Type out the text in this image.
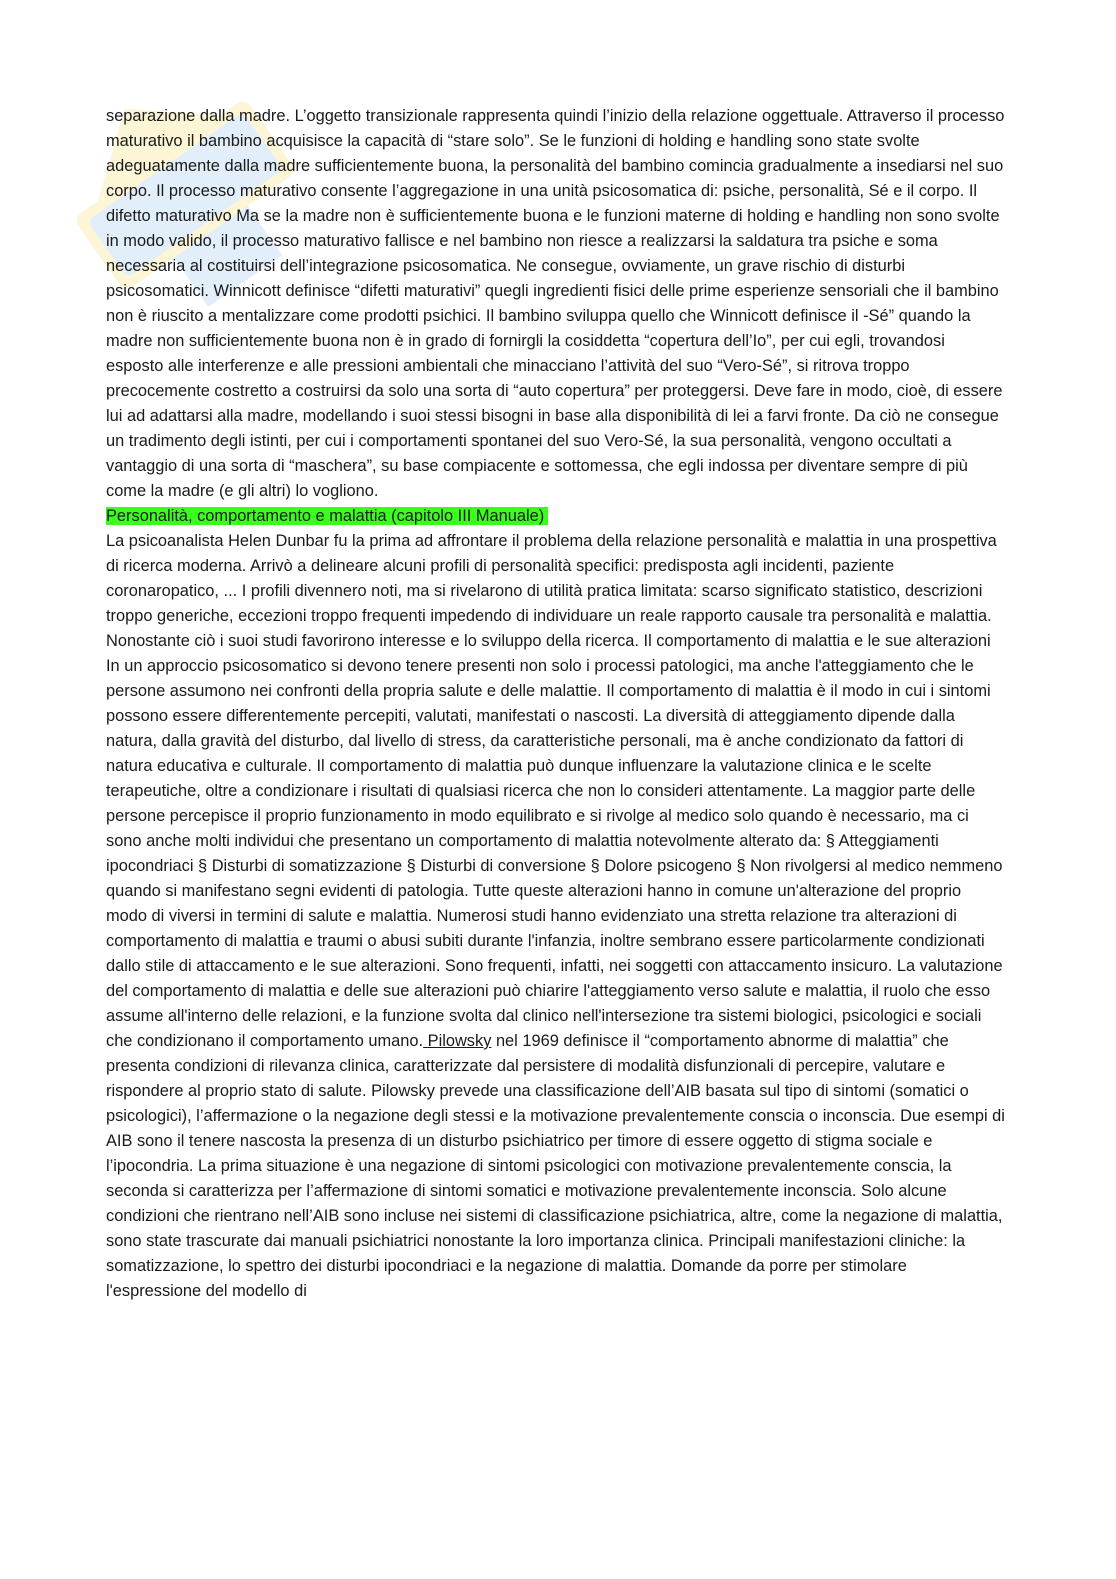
separazione dalla madre. L’oggetto transizionale rappresenta quindi l’inizio della relazione oggettuale. Attraverso il processo maturativo il bambino acquisisce la capacità di “stare solo”. Se le funzioni di holding e handling sono state svolte adeguatamente dalla madre sufficientemente buona, la personalità del bambino comincia gradualmente a insediarsi nel suo corpo. Il processo maturativo consente l’aggregazione in una unità psicosomatica di: psiche, personalità, Sé e il corpo. Il difetto maturativo Ma se la madre non è sufficientemente buona e le funzioni materne di holding e handling non sono svolte in modo valido, il processo maturativo fallisce e nel bambino non riesce a realizzarsi la saldatura tra psiche e soma necessaria al costituirsi dell’integrazione psicosomatica. Ne consegue, ovviamente, un grave rischio di disturbi psicosomatici. Winnicott definisce “difetti maturativi” quegli ingredienti fisici delle prime esperienze sensoriali che il bambino non è riuscito a mentalizzare come prodotti psichici. Il bambino sviluppa quello che Winnicott definisce il -Sé” quando la madre non sufficientemente buona non è in grado di fornirgli la cosiddetta “copertura dell’Io”, per cui egli, trovandosi esposto alle interferenze e alle pressioni ambientali che minacciano l’attività del suo “Vero-Sé”, si ritrova troppo precocemente costretto a costruirsi da solo una sorta di “auto copertura” per proteggersi. Deve fare in modo, cioè, di essere lui ad adattarsi alla madre, modellando i suoi stessi bisogni in base alla disponibilità di lei a farvi fronte. Da ciò ne consegue un tradimento degli istinti, per cui i comportamenti spontanei del suo Vero-Sé, la sua personalità, vengono occultati a vantaggio di una sorta di “maschera”, su base compiacente e sottomessa, che egli indossa per diventare sempre di più come la madre (e gli altri) lo vogliono.

Personalità, comportamento e malattia (capitolo III Manuale)

La psicoanalista Helen Dunbar fu la prima ad affrontare il problema della relazione personalità e malattia in una prospettiva di ricerca moderna. Arrivò a delineare alcuni profili di personalità specifici: predisposta agli incidenti, paziente coronaropatico, ... I profili divennero noti, ma si rivelarono di utilità pratica limitata: scarso significato statistico, descrizioni troppo generiche, eccezioni troppo frequenti impedendo di individuare un reale rapporto causale tra personalità e malattia. Nonostante ciò i suoi studi favorirono interesse e lo sviluppo della ricerca. Il comportamento di malattia e le sue alterazioni In un approccio psicosomatico si devono tenere presenti non solo i processi patologici, ma anche l'atteggiamento che le persone assumono nei confronti della propria salute e delle malattie. Il comportamento di malattia è il modo in cui i sintomi possono essere differentemente percepiti, valutati, manifestati o nascosti. La diversità di atteggiamento dipende dalla natura, dalla gravità del disturbo, dal livello di stress, da caratteristiche personali, ma è anche condizionato da fattori di natura educativa e culturale. Il comportamento di malattia può dunque influenzare la valutazione clinica e le scelte terapeutiche, oltre a condizionare i risultati di qualsiasi ricerca che non lo consideri attentamente. La maggior parte delle persone percepisce il proprio funzionamento in modo equilibrato e si rivolge al medico solo quando è necessario, ma ci sono anche molti individui che presentano un comportamento di malattia notevolmente alterato da: § Atteggiamenti ipocondriaci § Disturbi di somatizzazione § Disturbi di conversione § Dolore psicogeno § Non rivolgersi al medico nemmeno quando si manifestano segni evidenti di patologia. Tutte queste alterazioni hanno in comune un'alterazione del proprio modo di viversi in termini di salute e malattia. Numerosi studi hanno evidenziato una stretta relazione tra alterazioni di comportamento di malattia e traumi o abusi subiti durante l'infanzia, inoltre sembrano essere particolarmente condizionati dallo stile di attaccamento e le sue alterazioni. Sono frequenti, infatti, nei soggetti con attaccamento insicuro. La valutazione del comportamento di malattia e delle sue alterazioni può chiarire l'atteggiamento verso salute e malattia, il ruolo che esso assume all'interno delle relazioni, e la funzione svolta dal clinico nell'intersezione tra sistemi biologici, psicologici e sociali che condizionano il comportamento umano. Pilowsky nel 1969 definisce il “comportamento abnorme di malattia” che presenta condizioni di rilevanza clinica, caratterizzate dal persistere di modalità disfunzionali di percepire, valutare e rispondere al proprio stato di salute. Pilowsky prevede una classificazione dell’AIB basata sul tipo di sintomi (somatici o psicologici), l’affermazione o la negazione degli stessi e la motivazione prevalentemente conscia o inconscia. Due esempi di AIB sono il tenere nascosta la presenza di un disturbo psichiatrico per timore di essere oggetto di stigma sociale e l’ipocondria. La prima situazione è una negazione di sintomi psicologici con motivazione prevalentemente conscia, la seconda si caratterizza per l’affermazione di sintomi somatici e motivazione prevalentemente inconscia. Solo alcune condizioni che rientrano nell’AIB sono incluse nei sistemi di classificazione psichiatrica, altre, come la negazione di malattia, sono state trascurate dai manuali psichiatrici nonostante la loro importanza clinica. Principali manifestazioni cliniche: la somatizzazione, lo spettro dei disturbi ipocondriaci e la negazione di malattia. Domande da porre per stimolare l'espressione del modello di
